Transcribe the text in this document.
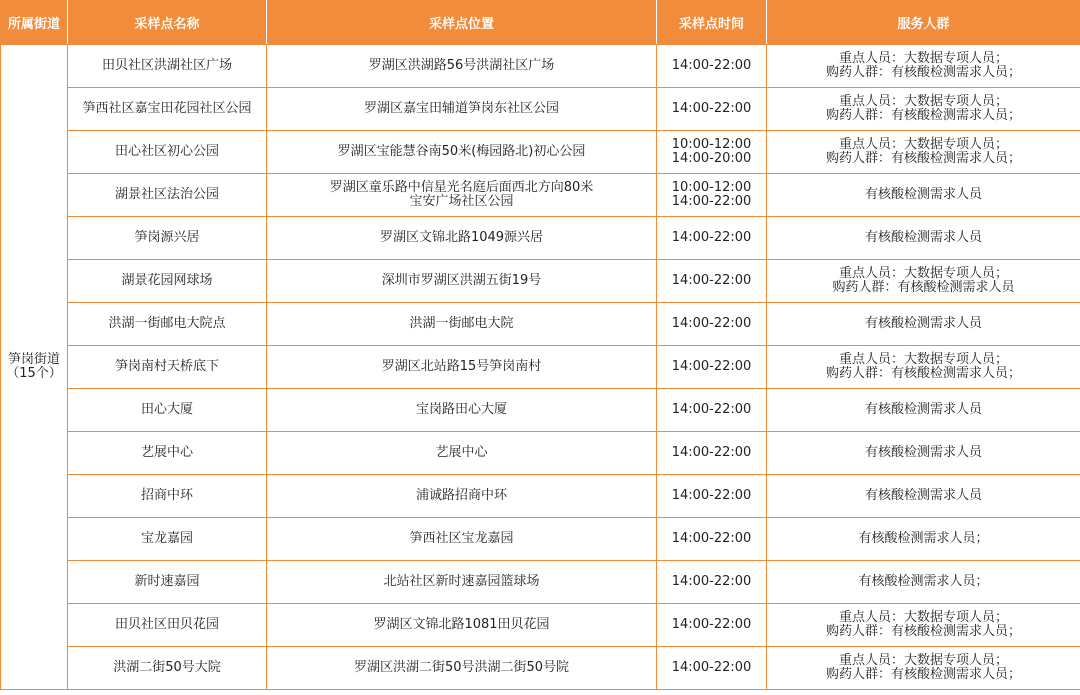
所属街道	采样点名称	采样点位置	采样点时间	服务人群

笋岗街道
（15个）	田贝社区洪湖社区广场	罗湖区洪湖路56号洪湖社区广场	14:00-22:00	重点人员：大数据专项人员；
购药人群：有核酸检测需求人员；

	笋西社区嘉宝田花园社区公园	罗湖区嘉宝田辅道笋岗东社区公园	14:00-22:00	重点人员：大数据专项人员；
购药人群：有核酸检测需求人员；

	田心社区初心公园	罗湖区宝能慧谷南50米(梅园路北)初心公园	10:00-12:00
14:00-20:00	重点人员：大数据专项人员；
购药人群：有核酸检测需求人员；

	湖景社区法治公园	罗湖区童乐路中信星光名庭后面西北方向80米
宝安广场社区公园	10:00-12:00
14:00-22:00	有核酸检测需求人员

	笋岗源兴居	罗湖区文锦北路1049源兴居	14:00-22:00	有核酸检测需求人员

	湖景花园网球场	深圳市罗湖区洪湖五街19号	14:00-22:00	重点人员：大数据专项人员；
购药人群：有核酸检测需求人员

	洪湖一街邮电大院点	洪湖一街邮电大院	14:00-22:00	有核酸检测需求人员

	笋岗南村天桥底下	罗湖区北站路15号笋岗南村	14:00-22:00	重点人员：大数据专项人员；
购药人群：有核酸检测需求人员；

	田心大厦	宝岗路田心大厦	14:00-22:00	有核酸检测需求人员

	艺展中心	艺展中心	14:00-22:00	有核酸检测需求人员

	招商中环	浦诚路招商中环	14:00-22:00	有核酸检测需求人员

	宝龙嘉园	笋西社区宝龙嘉园	14:00-22:00	有核酸检测需求人员；

	新时速嘉园	北站社区新时速嘉园篮球场	14:00-22:00	有核酸检测需求人员；

	田贝社区田贝花园	罗湖区文锦北路1081田贝花园	14:00-22:00	重点人员：大数据专项人员；
购药人群：有核酸检测需求人员；

	洪湖二街50号大院	罗湖区洪湖二街50号洪湖二街50号院	14:00-22:00	重点人员：大数据专项人员；
购药人群：有核酸检测需求人员；
